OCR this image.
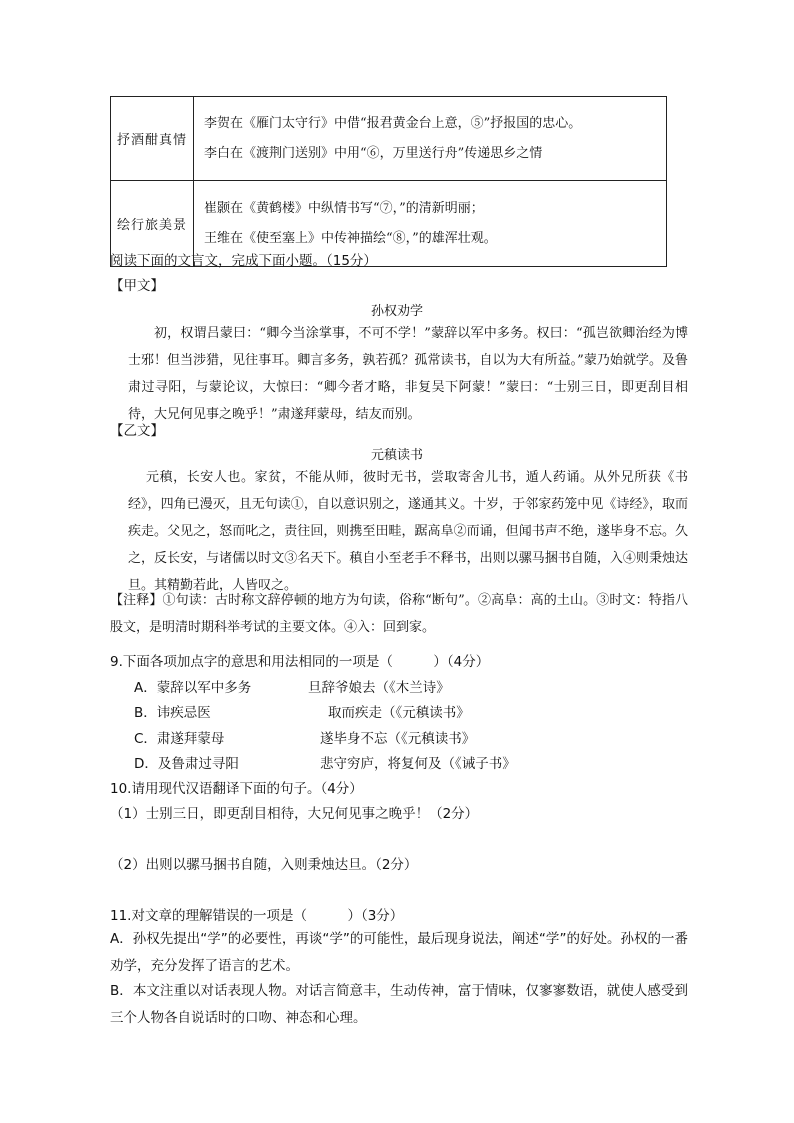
抒酒酣真情	李贺在《雁门太守行》中借“报君黄金台上意，⑤”抒报国的忠心。
李白在《渡荆门送别》中用“⑥，万里送行舟”传递思乡之情

绘行旅美景	崔颢在《黄鹤楼》中纵情书写“⑦，”的清新明丽；
王维在《使至塞上》中传神描绘“⑧，”的雄浑壮观。
阅读下面的文言文，完成下面小题。（15分）
【甲文】
孙权劝学
初，权谓吕蒙曰：“卿今当涂掌事，不可不学！”蒙辞以军中多务。权曰：“孤岂欲卿治经为博士邪！但当涉猎，见往事耳。卿言多务，孰若孤？孤常读书，自以为大有所益。”蒙乃始就学。及鲁肃过寻阳，与蒙论议，大惊曰：“卿今者才略，非复吴下阿蒙！”蒙曰：“士别三日，即更刮目相待，大兄何见事之晚乎！”肃遂拜蒙母，结友而别。
【乙文】
元稹读书
元稹，长安人也。家贫，不能从师，彼时无书，尝取寄舍儿书，遁人药诵。从外兄所获《书经》，四角已漫灭，且无句读①，自以意识别之，遂通其义。十岁，于邻家药笼中见《诗经》，取而疾走。父见之，怒而叱之，责往回，则携至田畦，踞高阜②而诵，但闻书声不绝，遂毕身不忘。久之，反长安，与诸儒以时文③名天下。稹自小至老手不释书，出则以骡马捆书自随，入④则秉烛达旦。其精勤若此，人皆叹之。
【注释】①句读：古时称文辞停顿的地方为句读，俗称“断句”。②高阜：高的土山。③时文：特指八股文，是明清时期科举考试的主要文体。④入：回到家。
9.下面各项加点字的意思和用法相同的一项是（　　　）（4分）
A．蒙辞以军中多务	旦辞爷娘去（《木兰诗》
B．讳疾忌医	取而疾走（《元稹读书》
C．肃遂拜蒙母	遂毕身不忘（《元稹读书》
D．及鲁肃过寻阳	悲守穷庐，将复何及（《诫子书》
10.请用现代汉语翻译下面的句子。（4分）
（1）士别三日，即更刮目相待，大兄何见事之晚乎！（2分）
（2）出则以骡马捆书自随，入则秉烛达旦。（2分）
11.对文章的理解错误的一项是（　　　）（3分）
A．孙权先提出“学”的必要性，再谈“学”的可能性，最后现身说法，阐述“学”的好处。孙权的一番劝学，充分发挥了语言的艺术。
B．本文注重以对话表现人物。对话言简意丰，生动传神，富于情味，仅寥寥数语，就使人感受到三个人物各自说话时的口吻、神态和心理。
